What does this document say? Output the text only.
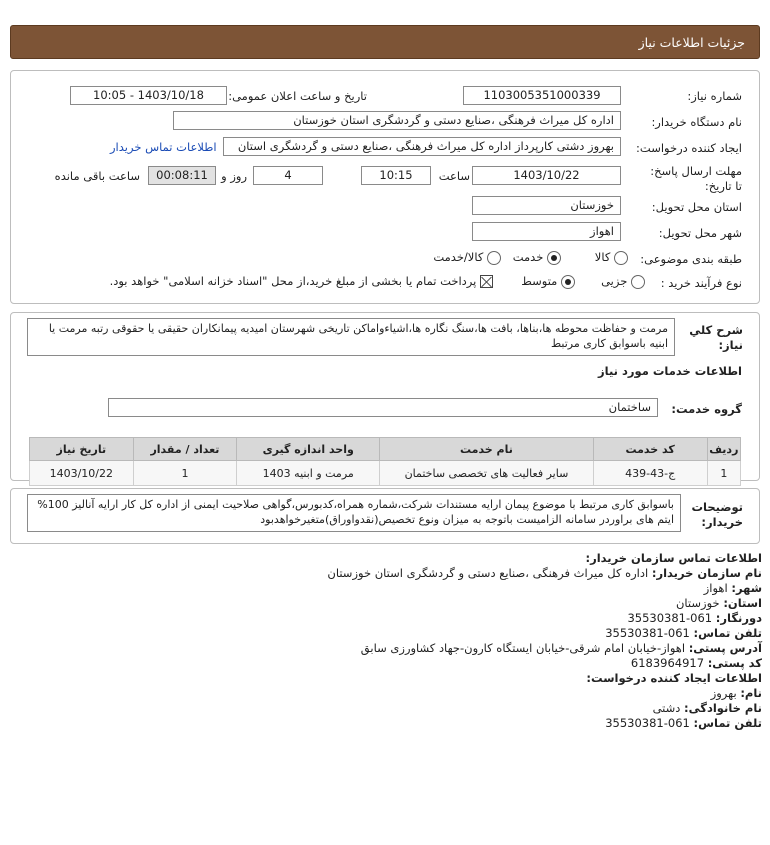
جزئیات اطلاعات نیاز
شماره نیاز:
1103005351000339
تاریخ و ساعت اعلان عمومی:
1403/10/18 - 10:05
نام دستگاه خریدار:
اداره کل میراث فرهنگی ،صنایع دستی و گردشگری استان خوزستان
ایجاد کننده درخواست:
بهروز دشتی کارپرداز اداره کل میراث فرهنگی ،صنایع دستی و گردشگری استان
اطلاعات تماس خریدار
مهلت ارسال پاسخ: تا تاریخ:
1403/10/22
ساعت
10:15
4
روز و
00:08:11
ساعت باقی مانده
استان محل تحویل:
خوزستان
شهر محل تحویل:
اهواز
طبقه بندی موضوعی:
کالا
خدمت
کالا/خدمت
نوع فرآیند خرید :
جزیی
متوسط
پرداخت تمام یا بخشی از مبلغ خرید،از محل "اسناد خزانه اسلامی" خواهد بود.
شرح کلي نياز:
مرمت و حفاظت محوطه ها،بناها، بافت ها،سنگ نگاره ها،اشیاءواماکن تاریخی شهرستان امیدیه پیمانکاران حقیقی یا حقوقی رتبه مرمت یا ابنیه باسوابق کاری مرتبط
اطلاعات خدمات مورد نیاز
گروه خدمت:
ساختمان
ردیف	کد خدمت	نام خدمت	واحد اندازه گیری	تعداد / مقدار	تاریخ نیاز
1	ج-43-439	سایر فعالیت های تخصصی ساختمان	مرمت و ابنیه 1403	1	1403/10/22
توضیحات خریدار:
باسوابق کاری مرتبط با موضوع پیمان ارایه مستندات شرکت،شماره همراه،کدبورس،گواهی صلاحیت ایمنی از اداره کل کار ارایه آنالیز 100% ایتم های براوردر سامانه الزامیست باتوجه به میزان ونوع تخصیص(نقدواوراق)متغیرخواهدبود
اطلاعات تماس سازمان خریدار:
نام سازمان خریدار: اداره کل میراث فرهنگی ،صنایع دستی و گردشگری استان خوزستان
شهر: اهواز
استان: خوزستان
دورنگار: 061-35530381
تلفن تماس: 061-35530381
آدرس پستی: اهواز-خیابان امام شرقی-خیابان ایستگاه کارون-جهاد کشاورزی سابق
کد پستی: 6183964917
اطلاعات ایجاد کننده درخواست:
نام: بهروز
نام خانوادگی: دشتی
تلفن تماس: 061-35530381
